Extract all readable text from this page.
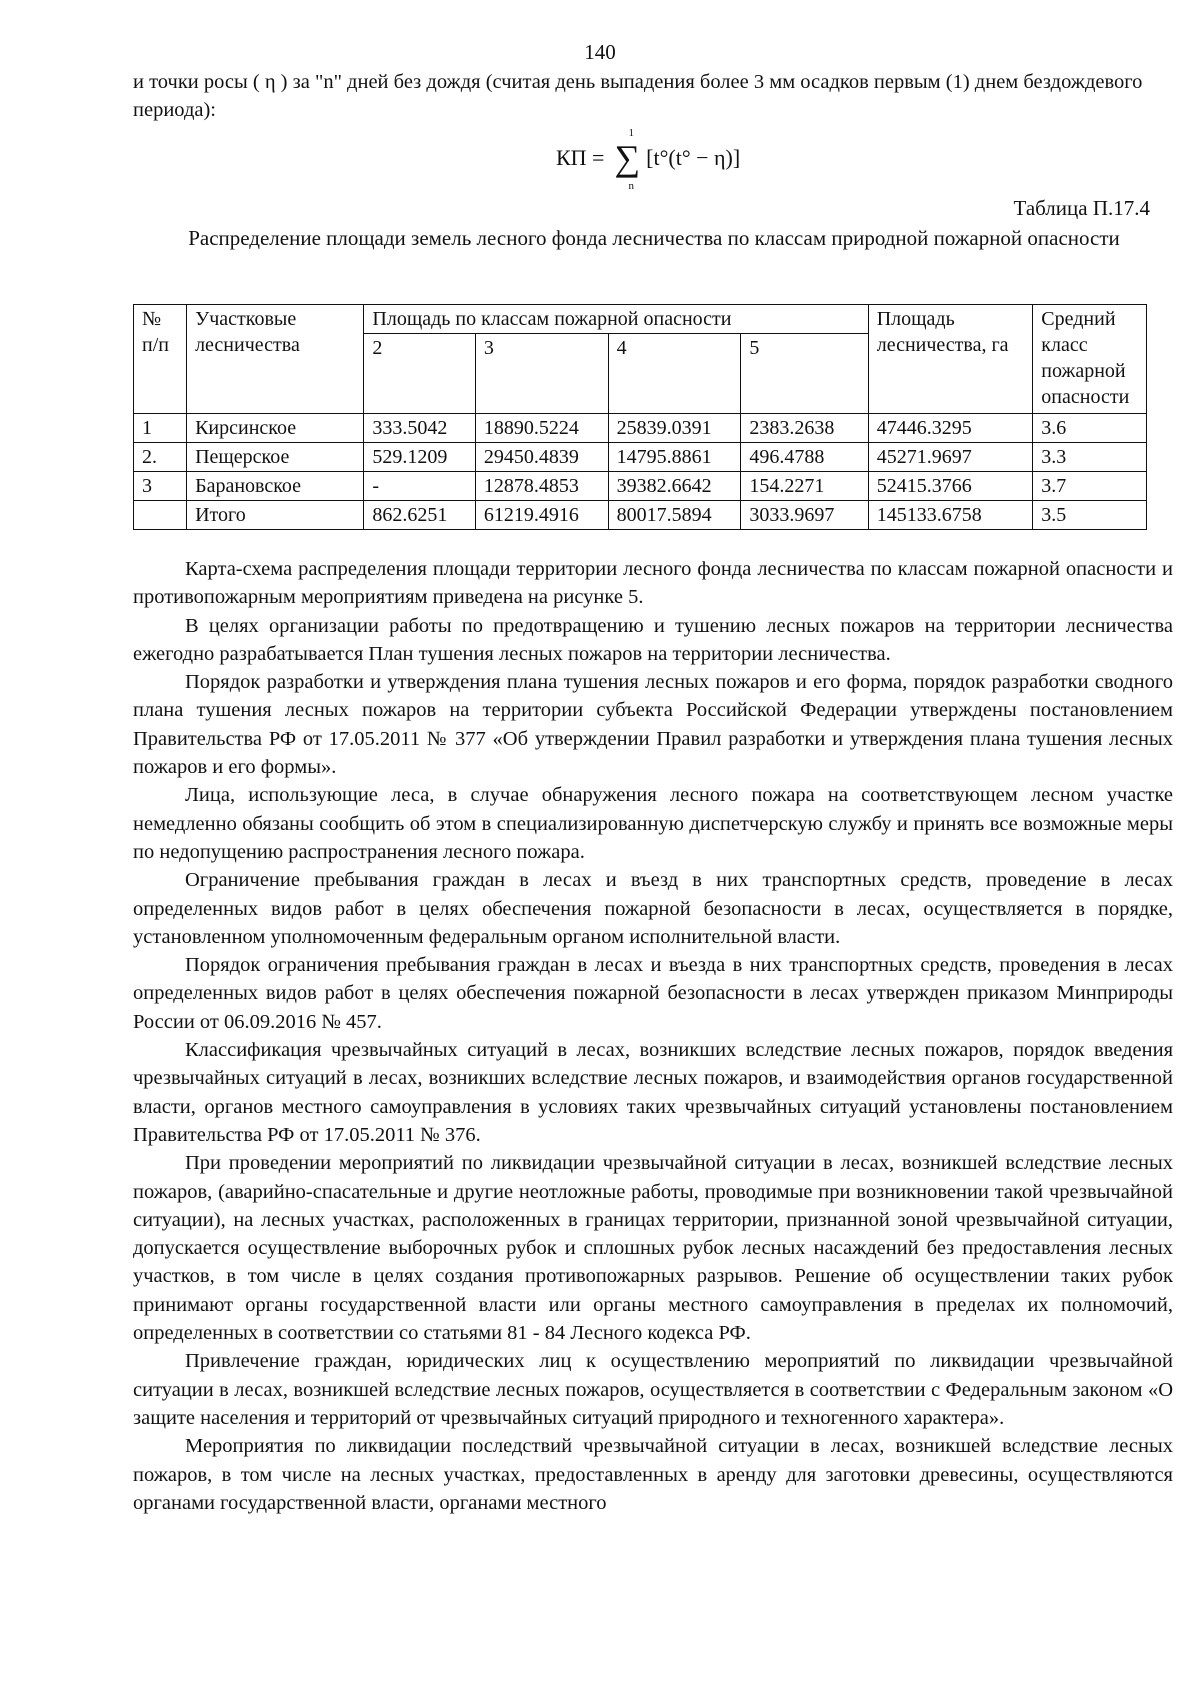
140

и точки росы ( η ) за "n" дней без дождя (считая день выпадения более 3 мм осадков первым (1) днем бездождевого периода):

КП = ∑
1
n
[t°(t° − η)]
Таблица П.17.4

Распределение площади земель лесного фонда лесничества по классам природной пожарной опасности

№ п/п	Участковые лесничества	Площадь по классам пожарной опасности				Площадь лесничества, га	Средний класс пожарной опасности
		2	3	4	5		
1	Кирсинское	333.5042	18890.5224	25839.0391	2383.2638	47446.3295	3.6
2.	Пещерское	529.1209	29450.4839	14795.8861	496.4788	45271.9697	3.3
3	Барановское	-	12878.4853	39382.6642	154.2271	52415.3766	3.7
	Итого	862.6251	61219.4916	80017.5894	3033.9697	145133.6758	3.5

Карта-схема распределения площади территории лесного фонда лесничества по классам пожарной опасности и противопожарным мероприятиям приведена на рисунке 5.

В целях организации работы по предотвращению и тушению лесных пожаров на территории лесничества ежегодно разрабатывается План тушения лесных пожаров на территории лесничества.

Порядок разработки и утверждения плана тушения лесных пожаров и его форма, порядок разработки сводного плана тушения лесных пожаров на территории субъекта Российской Федерации утверждены постановлением Правительства РФ от 17.05.2011 № 377 «Об утверждении Правил разработки и утверждения плана тушения лесных пожаров и его формы».

Лица, использующие леса, в случае обнаружения лесного пожара на соответствующем лесном участке немедленно обязаны сообщить об этом в специализированную диспетчерскую службу и принять все возможные меры по недопущению распространения лесного пожара.

Ограничение пребывания граждан в лесах и въезд в них транспортных средств, проведение в лесах определенных видов работ в целях обеспечения пожарной безопасности в лесах, осуществляется в порядке, установленном уполномоченным федеральным органом исполнительной власти.

Порядок ограничения пребывания граждан в лесах и въезда в них транспортных средств, проведения в лесах определенных видов работ в целях обеспечения пожарной безопасности в лесах утвержден приказом Минприроды России от 06.09.2016 № 457.

Классификация чрезвычайных ситуаций в лесах, возникших вследствие лесных пожаров, порядок введения чрезвычайных ситуаций в лесах, возникших вследствие лесных пожаров, и взаимодействия органов государственной власти, органов местного самоуправления в условиях таких чрезвычайных ситуаций установлены постановлением Правительства РФ от 17.05.2011 № 376.

При проведении мероприятий по ликвидации чрезвычайной ситуации в лесах, возникшей вследствие лесных пожаров, (аварийно-спасательные и другие неотложные работы, проводимые при возникновении такой чрезвычайной ситуации), на лесных участках, расположенных в границах территории, признанной зоной чрезвычайной ситуации, допускается осуществление выборочных рубок и сплошных рубок лесных насаждений без предоставления лесных участков, в том числе в целях создания противопожарных разрывов. Решение об осуществлении таких рубок принимают органы государственной власти или органы местного самоуправления в пределах их полномочий, определенных в соответствии со статьями 81 - 84 Лесного кодекса РФ.

Привлечение граждан, юридических лиц к осуществлению мероприятий по ликвидации чрезвычайной ситуации в лесах, возникшей вследствие лесных пожаров, осуществляется в соответствии с Федеральным законом «О защите населения и территорий от чрезвычайных ситуаций природного и техногенного характера».

Мероприятия по ликвидации последствий чрезвычайной ситуации в лесах, возникшей вследствие лесных пожаров, в том числе на лесных участках, предоставленных в аренду для заготовки древесины, осуществляются органами государственной власти, органами местного
